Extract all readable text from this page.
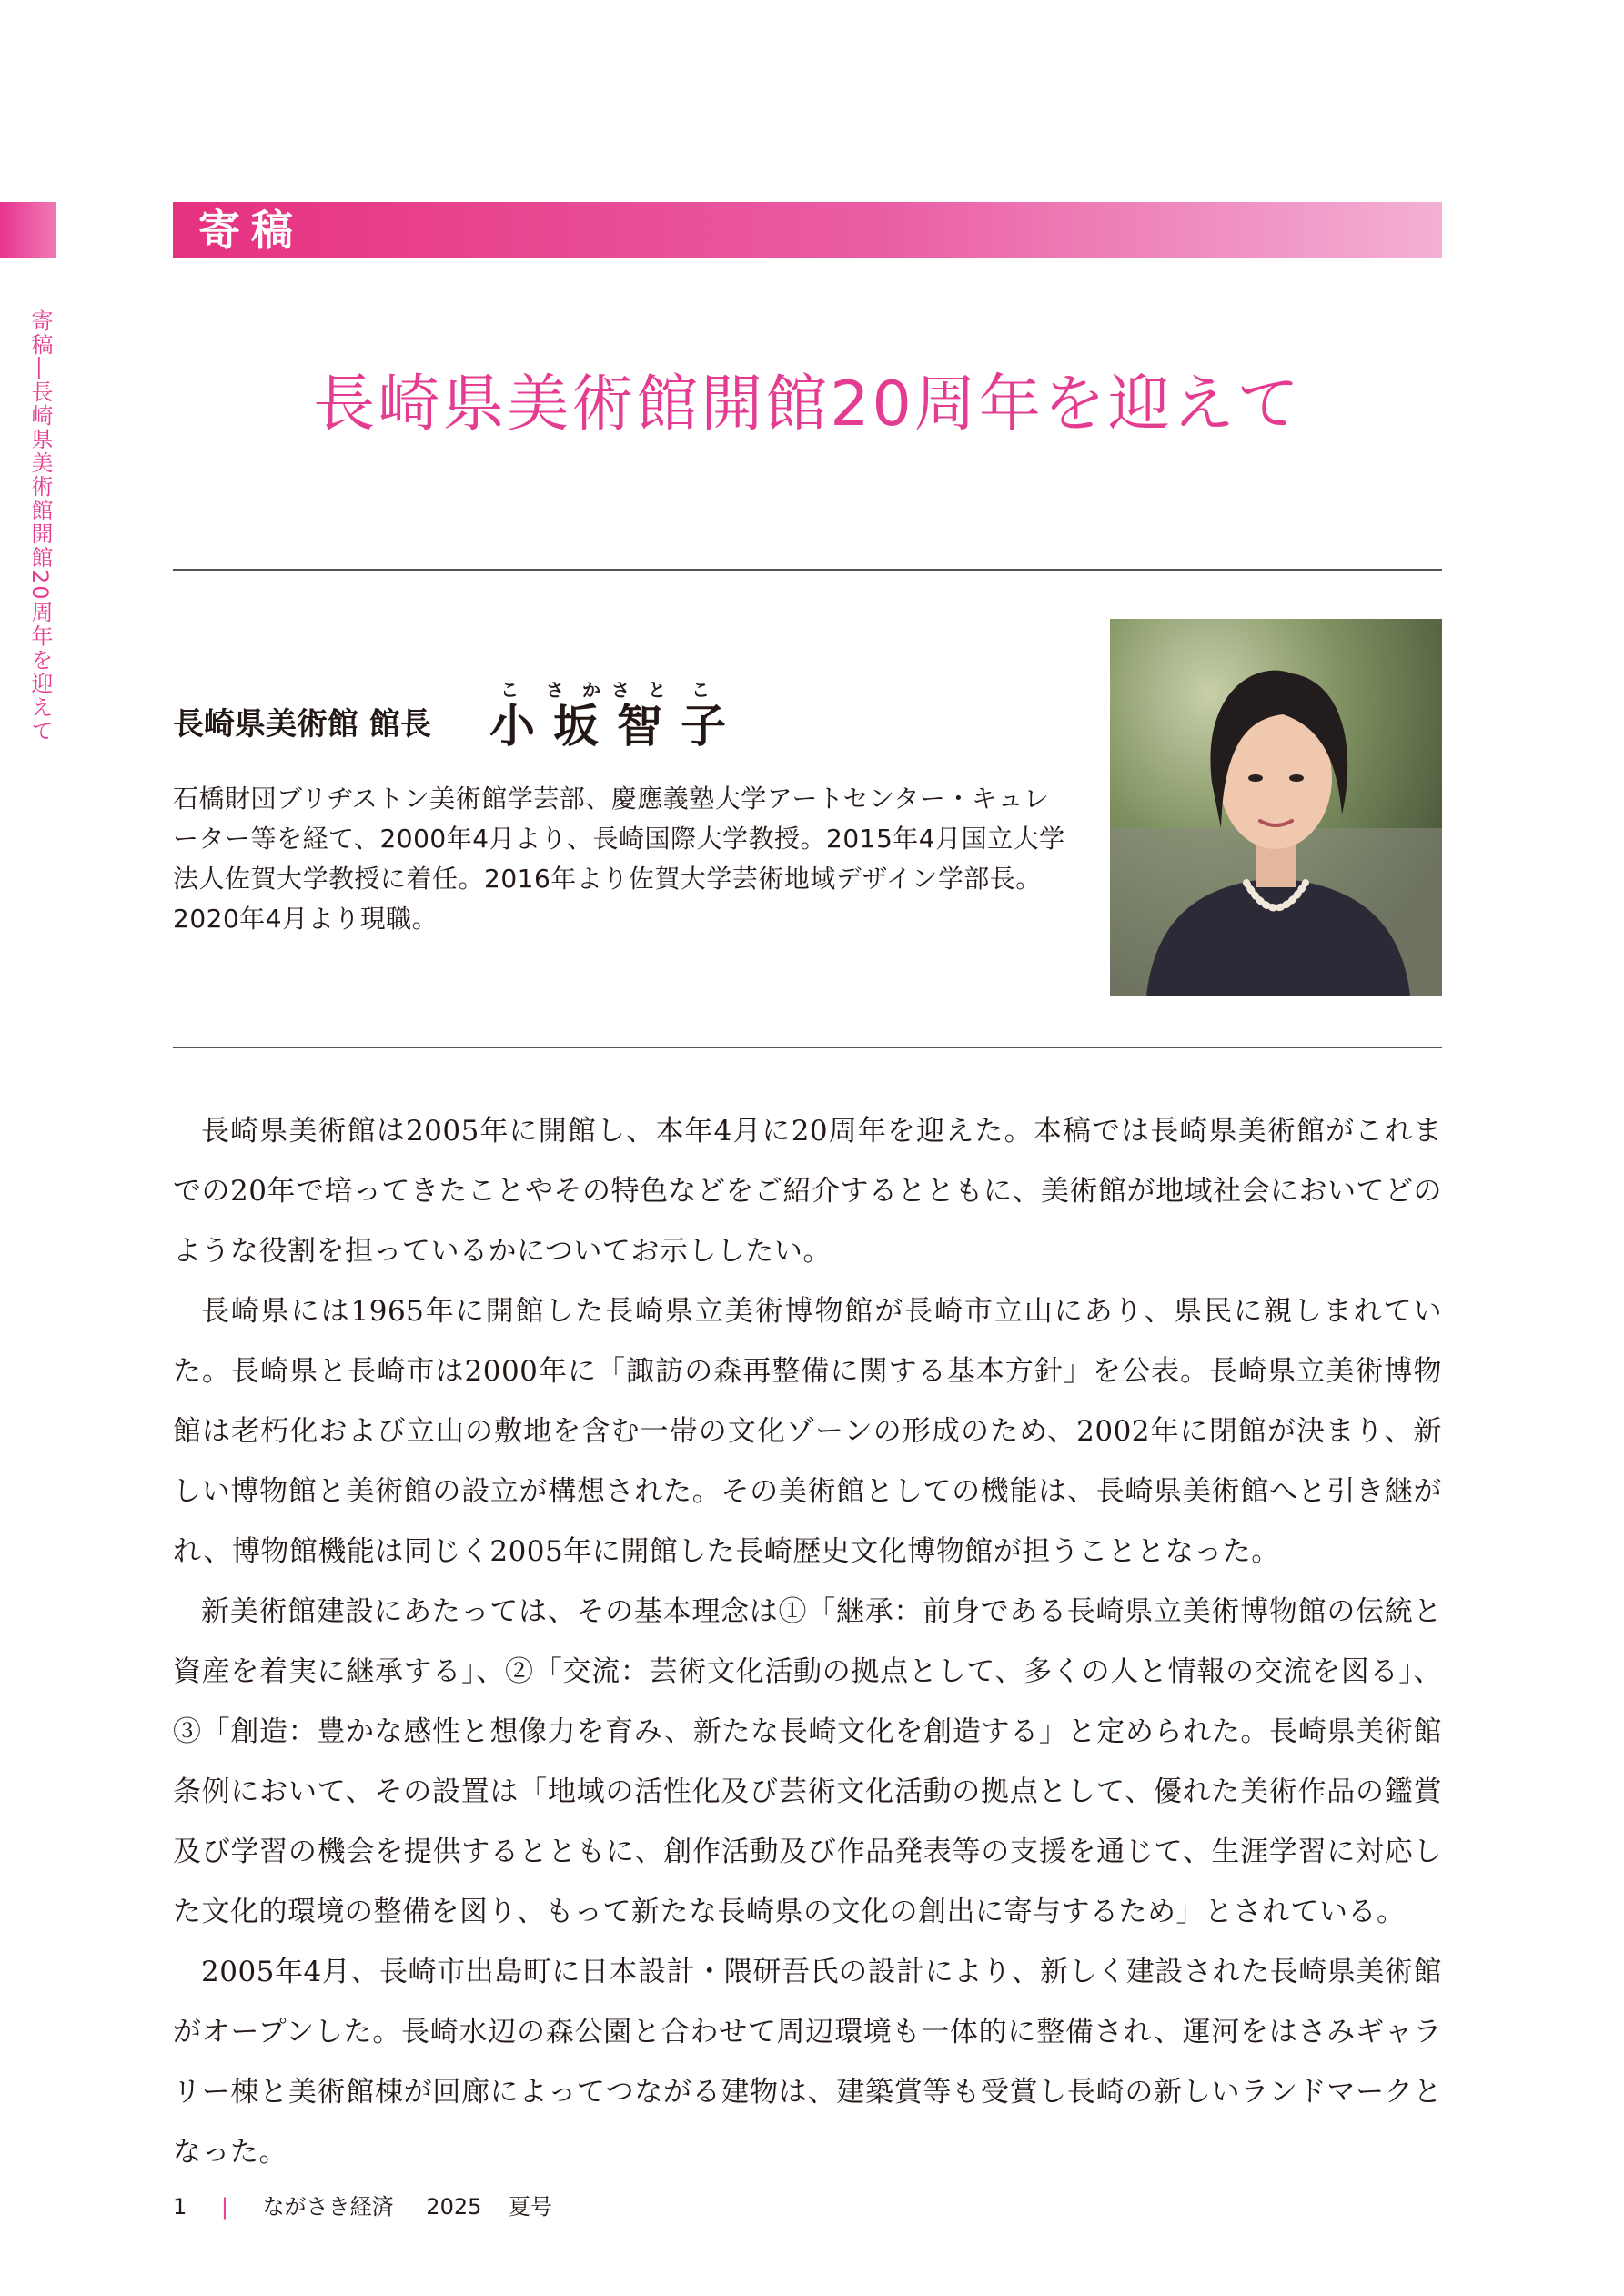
寄稿―長崎県美術館開館20周年を迎えて
寄稿
長崎県美術館開館20周年を迎えて
長崎県美術館 館長
こ さか
さと こ
小坂智子

石橋財団ブリヂストン美術館学芸部、慶應義塾大学アートセンター・キュレーター等を経て、2000年4月より、長崎国際大学教授。2015年4月国立大学法人佐賀大学教授に着任。2016年より佐賀大学芸術地域デザイン学部長。2020年4月より現職。

長崎県美術館は2005年に開館し、本年4月に20周年を迎えた。本稿では長崎県美術館がこれまでの20年で培ってきたことやその特色などをご紹介するとともに、美術館が地域社会においてどのような役割を担っているかについてお示ししたい。

長崎県には1965年に開館した長崎県立美術博物館が長崎市立山にあり、県民に親しまれていた。長崎県と長崎市は2000年に「諏訪の森再整備に関する基本方針」を公表。長崎県立美術博物館は老朽化および立山の敷地を含む一帯の文化ゾーンの形成のため、2002年に閉館が決まり、新しい博物館と美術館の設立が構想された。その美術館としての機能は、長崎県美術館へと引き継がれ、博物館機能は同じく2005年に開館した長崎歴史文化博物館が担うこととなった。

新美術館建設にあたっては、その基本理念は①「継承：前身である長崎県立美術博物館の伝統と資産を着実に継承する」、②「交流：芸術文化活動の拠点として、多くの人と情報の交流を図る」、③「創造：豊かな感性と想像力を育み、新たな長崎文化を創造する」と定められた。長崎県美術館条例において、その設置は「地域の活性化及び芸術文化活動の拠点として、優れた美術作品の鑑賞及び学習の機会を提供するとともに、創作活動及び作品発表等の支援を通じて、生涯学習に対応した文化的環境の整備を図り、もって新たな長崎県の文化の創出に寄与するため」とされている。

2005年4月、長崎市出島町に日本設計・隈研吾氏の設計により、新しく建設された長崎県美術館がオープンした。長崎水辺の森公園と合わせて周辺環境も一体的に整備され、運河をはさみギャラリー棟と美術館棟が回廊によってつながる建物は、建築賞等も受賞し長崎の新しいランドマークとなった。

1 | ながさき経済 2025 夏号
